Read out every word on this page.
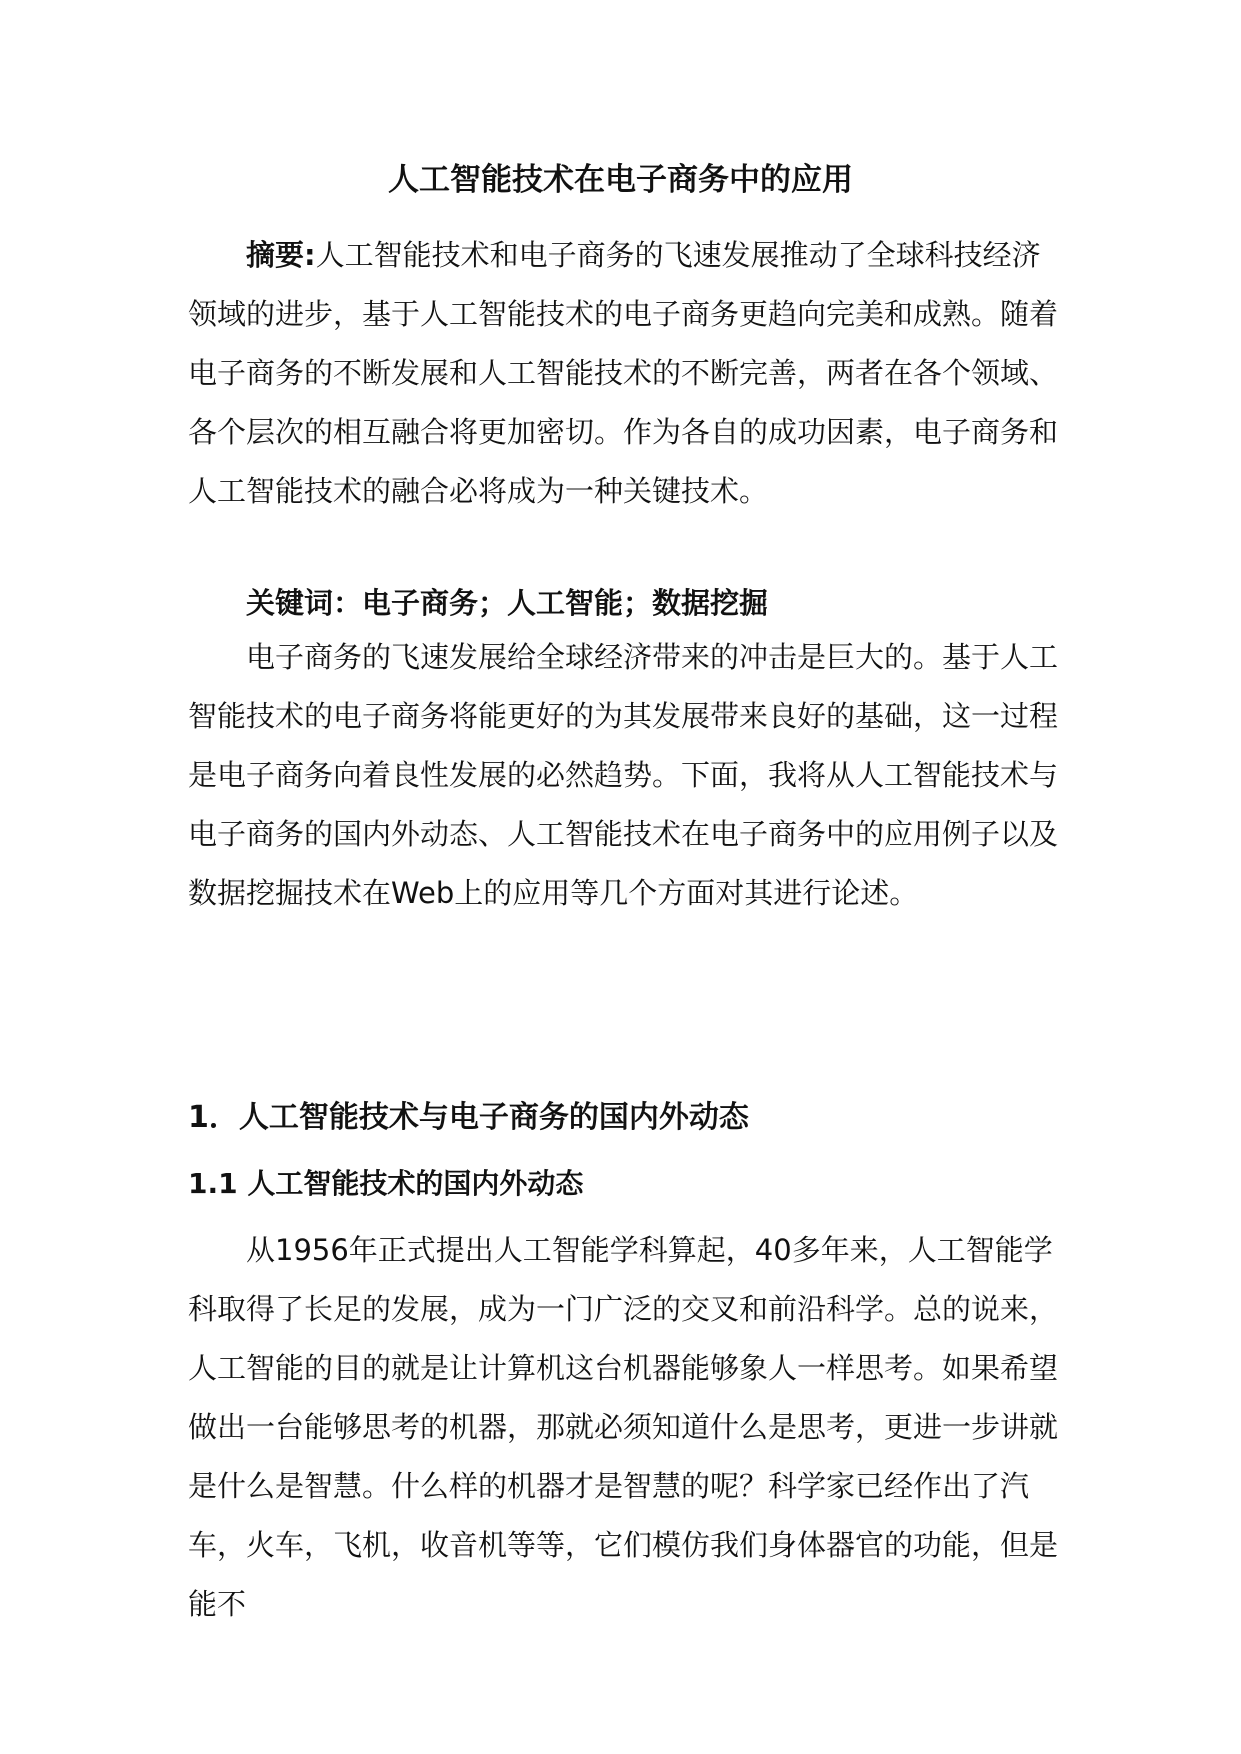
人工智能技术在电子商务中的应用

摘要:人工智能技术和电子商务的飞速发展推动了全球科技经济领域的进步，基于人工智能技术的电子商务更趋向完美和成熟。随着电子商务的不断发展和人工智能技术的不断完善，两者在各个领域、各个层次的相互融合将更加密切。作为各自的成功因素，电子商务和人工智能技术的融合必将成为一种关键技术。

关键词：电子商务；人工智能；数据挖掘

电子商务的飞速发展给全球经济带来的冲击是巨大的。基于人工智能技术的电子商务将能更好的为其发展带来良好的基础，这一过程是电子商务向着良性发展的必然趋势。下面，我将从人工智能技术与电子商务的国内外动态、人工智能技术在电子商务中的应用例子以及数据挖掘技术在Web上的应用等几个方面对其进行论述。

1．人工智能技术与电子商务的国内外动态
1.1 人工智能技术的国内外动态

从1956年正式提出人工智能学科算起，40多年来，人工智能学科取得了长足的发展，成为一门广泛的交叉和前沿科学。总的说来，人工智能的目的就是让计算机这台机器能够象人一样思考。如果希望做出一台能够思考的机器，那就必须知道什么是思考，更进一步讲就是什么是智慧。什么样的机器才是智慧的呢？科学家已经作出了汽车，火车，飞机，收音机等等，它们模仿我们身体器官的功能，但是能不
